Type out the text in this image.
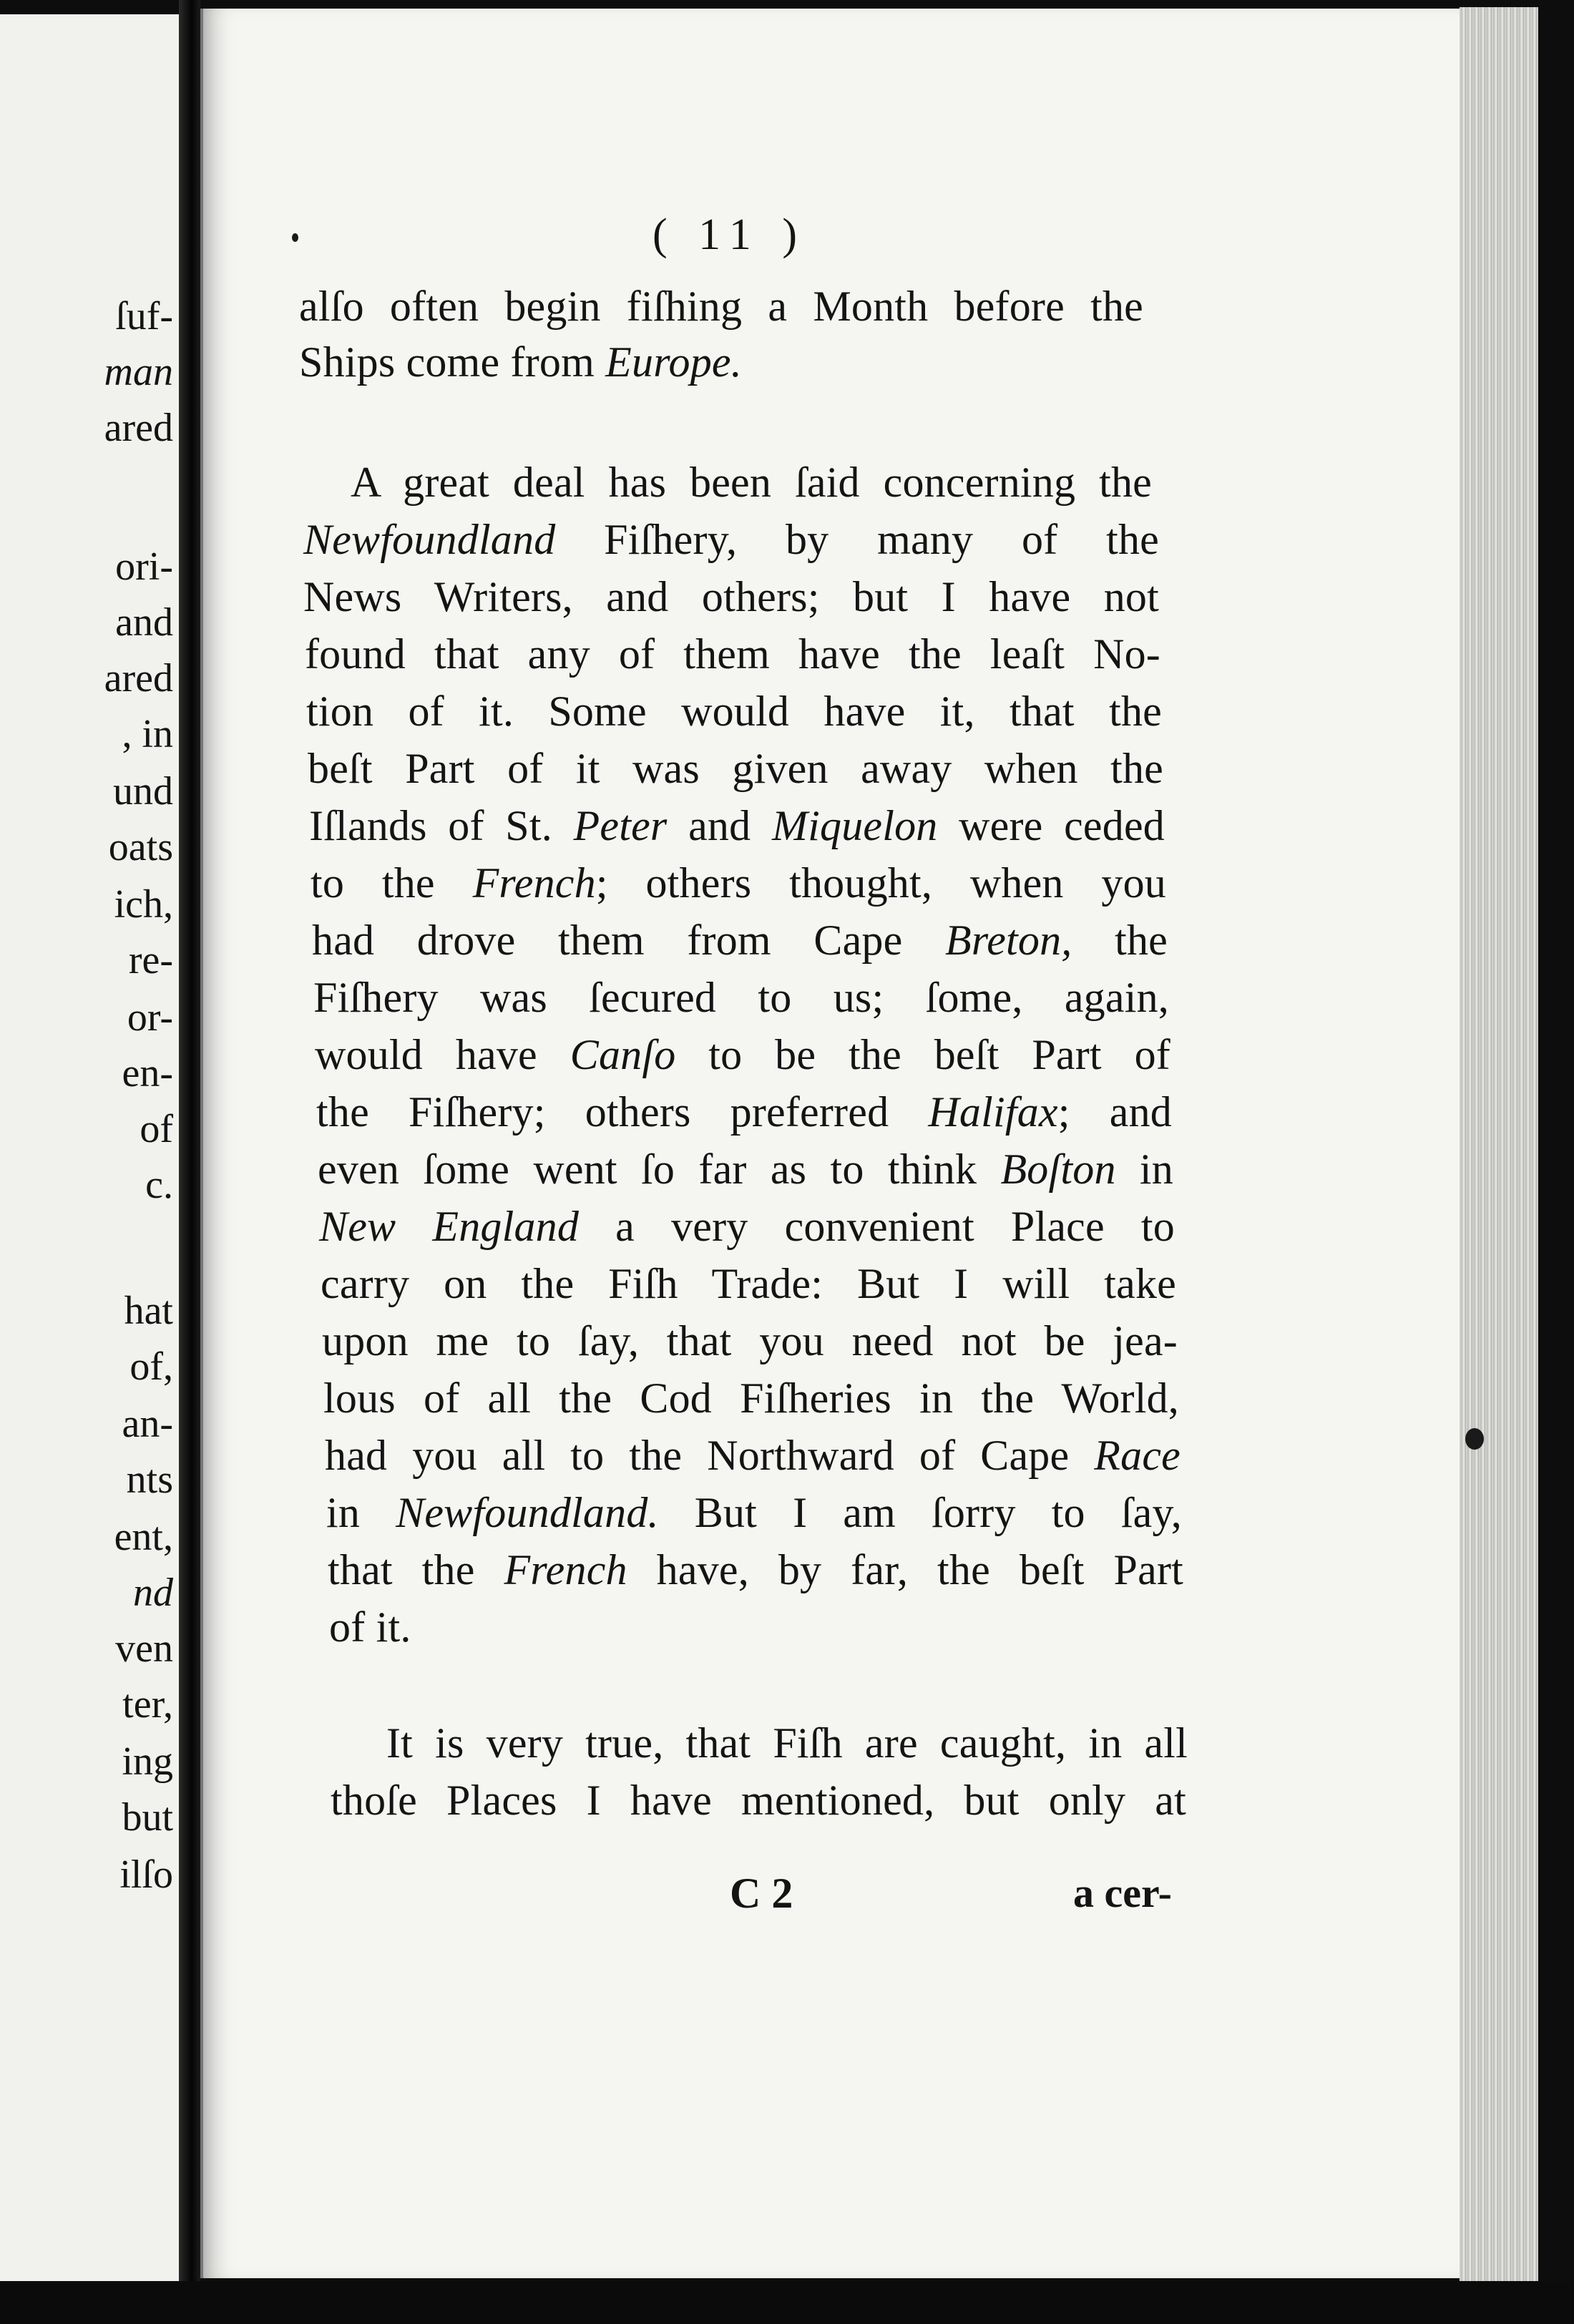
ſuf-
man
ared
ori-
and
ared
, in
und
oats
ich,
re-
or-
en-
of
c.
hat
of,
an-
nts
ent,
nd
ven
ter,
ing
but
ilſo
( 11 )
C 2	a cer-
alſo often begin fiſhing a Month before the
Ships come from Europe.
A great deal has been ſaid concerning the
Newfoundland Fiſhery, by many of the
News Writers, and others; but I have not
found that any of them have the leaſt No-
tion of it. Some would have it, that the
beſt Part of it was given away when the
Iſlands of St. Peter and Miquelon were ceded
to the French; others thought, when you
had drove them from Cape Breton, the
Fiſhery was ſecured to us; ſome, again,
would have Canſo to be the beſt Part of
the Fiſhery; others preferred Halifax; and
even ſome went ſo far as to think Boſton in
New England a very convenient Place to
carry on the Fiſh Trade: But I will take
upon me to ſay, that you need not be jea-
lous of all the Cod Fiſheries in the World,
had you all to the Northward of Cape Race
in Newfoundland. But I am ſorry to ſay,
that the French have, by far, the beſt Part
of it.
It is very true, that Fiſh are caught, in all
thoſe Places I have mentioned, but only at
